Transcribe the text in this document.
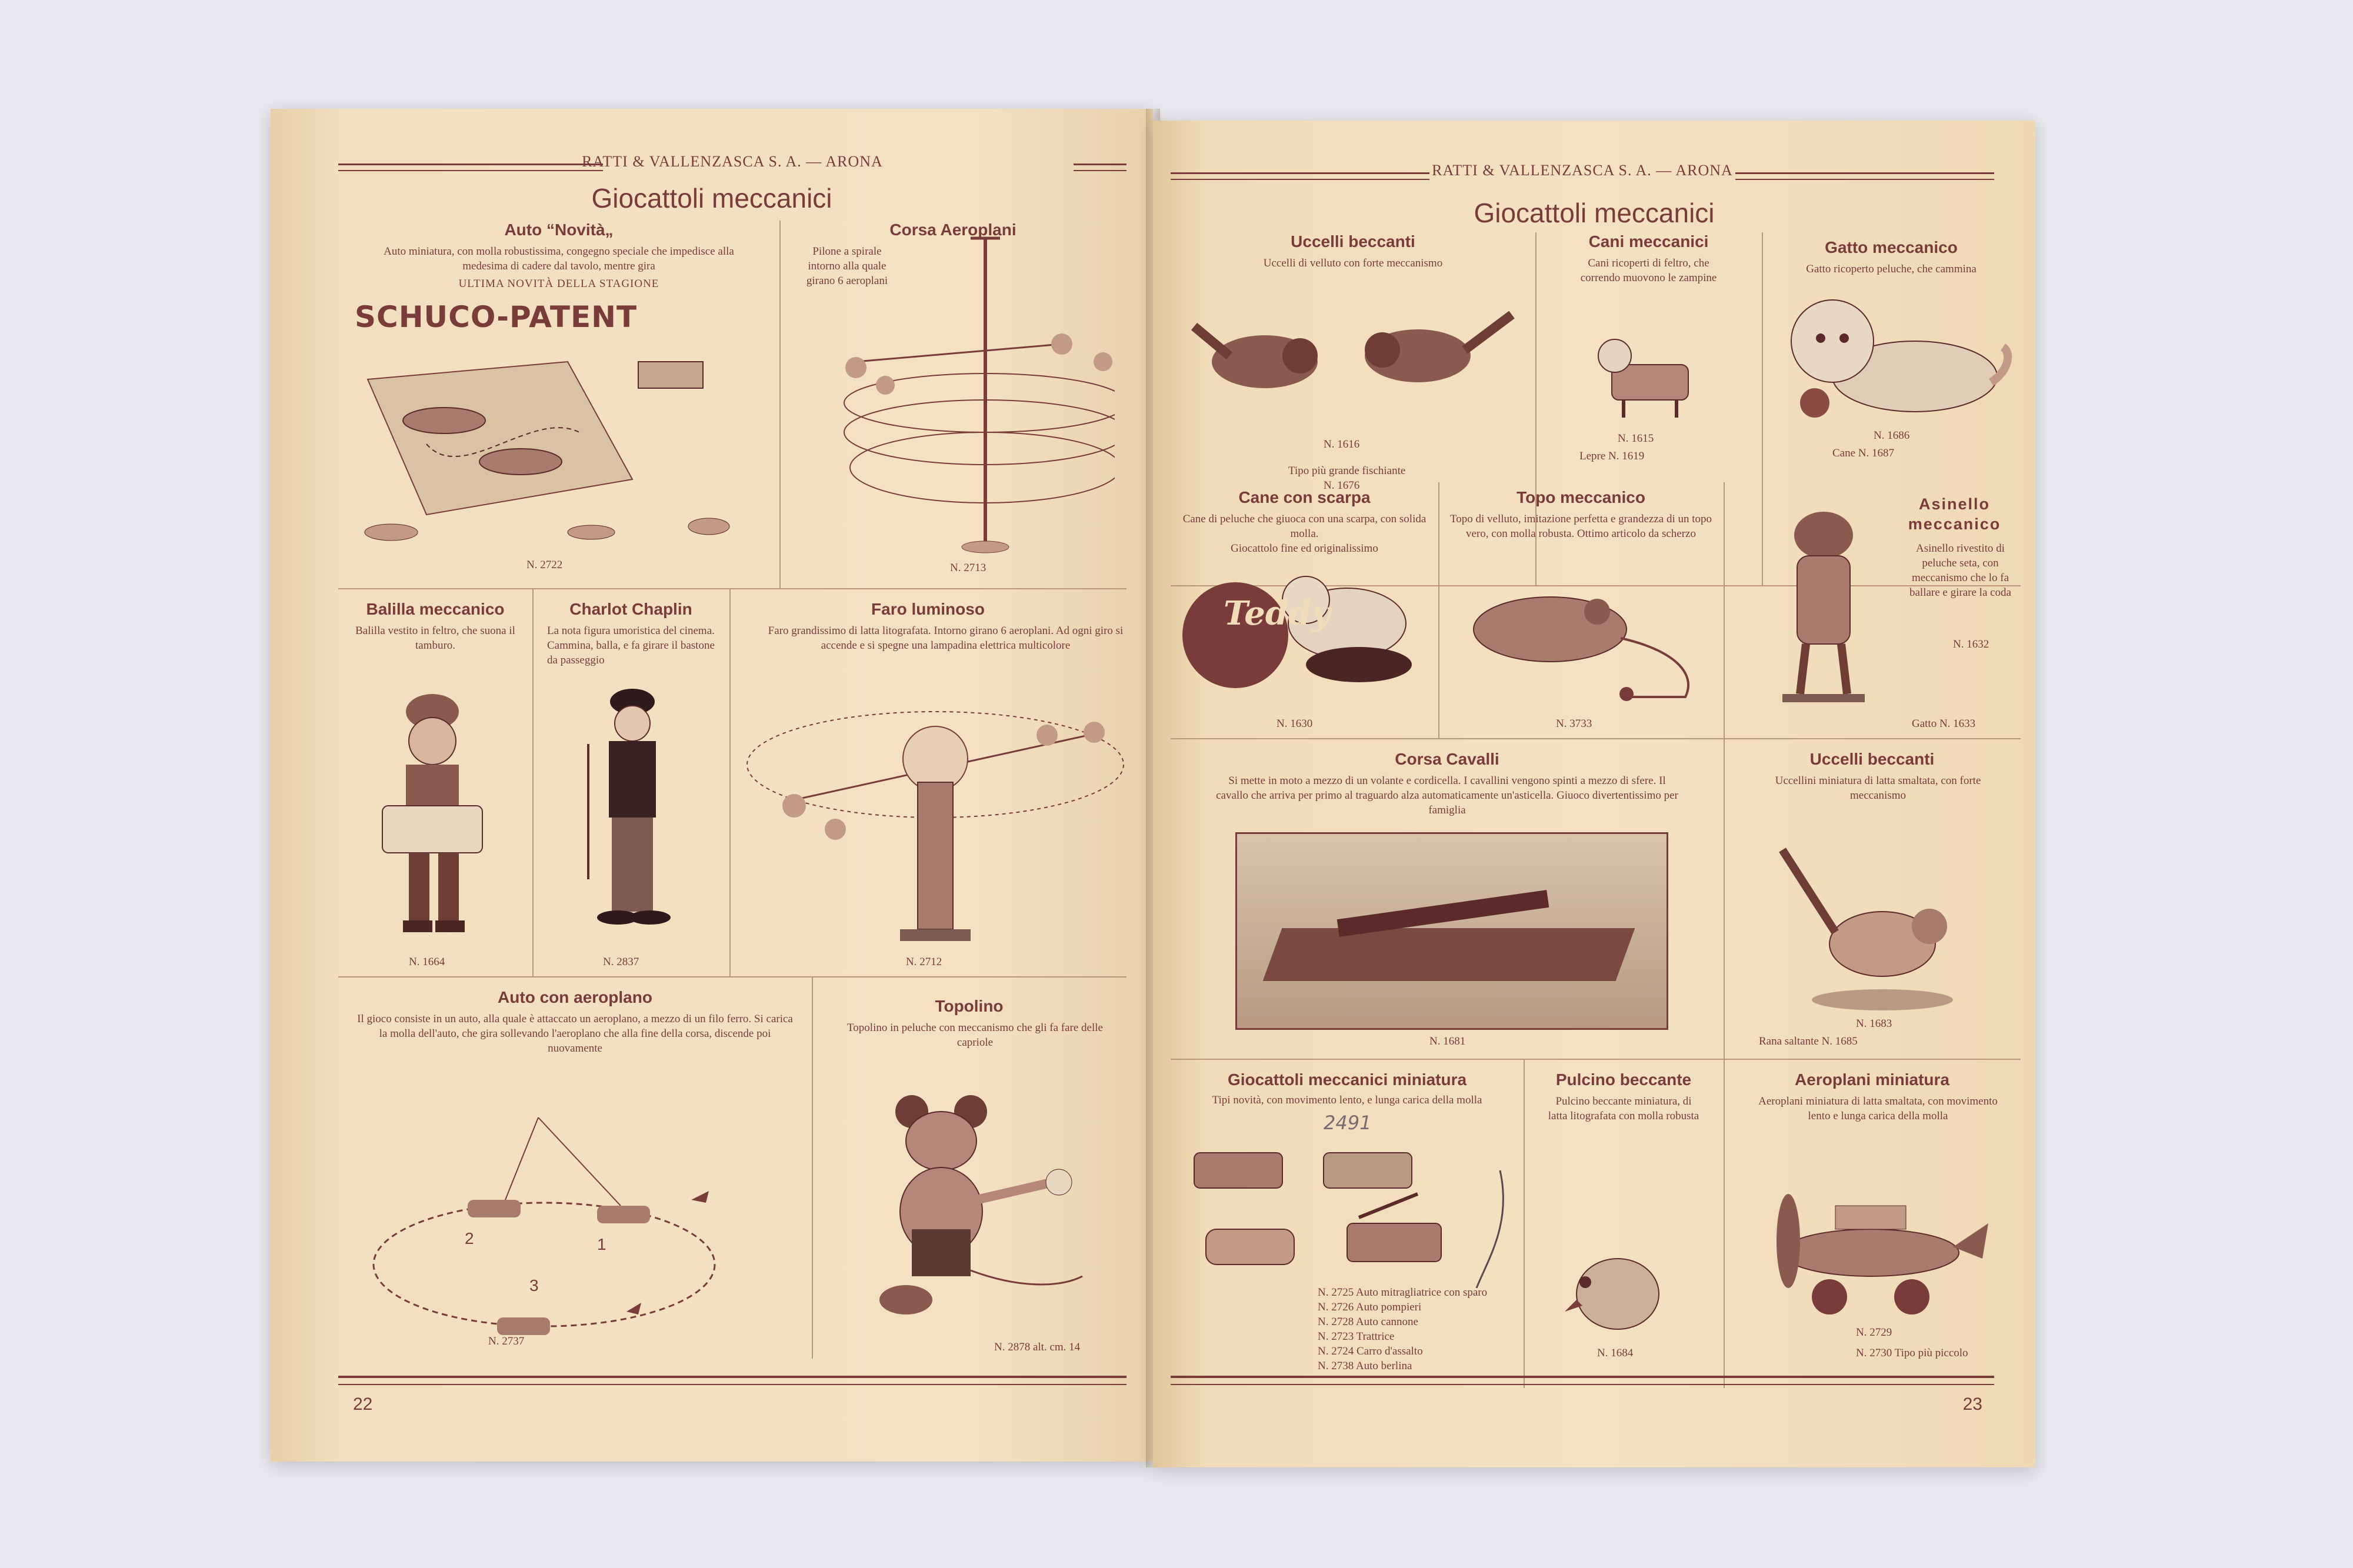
RATTI & VALLENZASCA S. A. — ARONA
Giocattoli meccanici
Auto “Novità„
Auto miniatura, con molla robustissima, congegno speciale che impedisce alla medesima di cadere dal tavolo, mentre gira
ULTIMA NOVITÀ DELLA STAGIONE
SCHUCO-PATENT
N. 2722
Corsa Aeroplani
Pilone a spirale intorno alla quale girano 6 aeroplani
N. 2713
Balilla meccanico
Balilla vestito in feltro, che suona il tamburo.
N. 1664
Charlot Chaplin
La nota figura umoristica del cinema. Cammina, balla, e fa girare il bastone da passeggio
N. 2837
Faro luminoso
Faro grandissimo di latta litografata. Intorno girano 6 aeroplani. Ad ogni giro si accende e si spegne una lampadina elettrica multicolore
N. 2712
Auto con aeroplano
Il gioco consiste in un auto, alla quale è attaccato un aeroplano, a mezzo di un filo ferro. Si carica la molla dell'auto, che gira sollevando l'aeroplano che alla fine della corsa, discende poi nuovamente
2	1
3
N. 2737
Topolino
Topolino in peluche con meccanismo che gli fa fare delle capriole
N. 2878 alt. cm. 14
22
RATTI & VALLENZASCA S. A. — ARONA
Giocattoli meccanici
Uccelli beccanti
Uccelli di velluto con forte meccanismo
N. 1616
Tipo più grande fischiante
N. 1676
Cani meccanici
Cani ricoperti di feltro, che correndo muovono le zampine
N. 1615
Lepre N. 1619
Gatto meccanico
Gatto ricoperto peluche, che cammina
N. 1686
Cane N. 1687
Cane con scarpa
Cane di peluche che giuoca con una scarpa, con solida molla.
Giocattolo fine ed originalissimo
Teddy
N. 1630
Topo meccanico
Topo di velluto, imitazione perfetta e grandezza di un topo vero, con molla robusta. Ottimo articolo da scherzo
N. 3733
Asinello meccanico
Asinello rivestito di peluche seta, con meccanismo che lo fa ballare e girare la coda
N. 1632
Gatto N. 1633
Corsa Cavalli
Si mette in moto a mezzo di un volante e cordicella. I cavallini vengono spinti a mezzo di sfere. Il cavallo che arriva per primo al traguardo alza automaticamente un'asticella. Giuoco divertentissimo per famiglia
N. 1681
Uccelli beccanti
Uccellini miniatura di latta smaltata, con forte meccanismo
N. 1683
Rana saltante N. 1685
Giocattoli meccanici miniatura
Tipi novità, con movimento lento, e lunga carica della molla
2491
N. 2725 Auto mitragliatrice con sparo
N. 2726 Auto pompieri
N. 2728 Auto cannone
N. 2723 Trattrice
N. 2724 Carro d'assalto
N. 2738 Auto berlina
Pulcino beccante
Pulcino beccante miniatura, di latta litografata con molla robusta
N. 1684
Aeroplani miniatura
Aeroplani miniatura di latta smaltata, con movimento lento e lunga carica della molla
N. 2729
N. 2730 Tipo più piccolo
23
